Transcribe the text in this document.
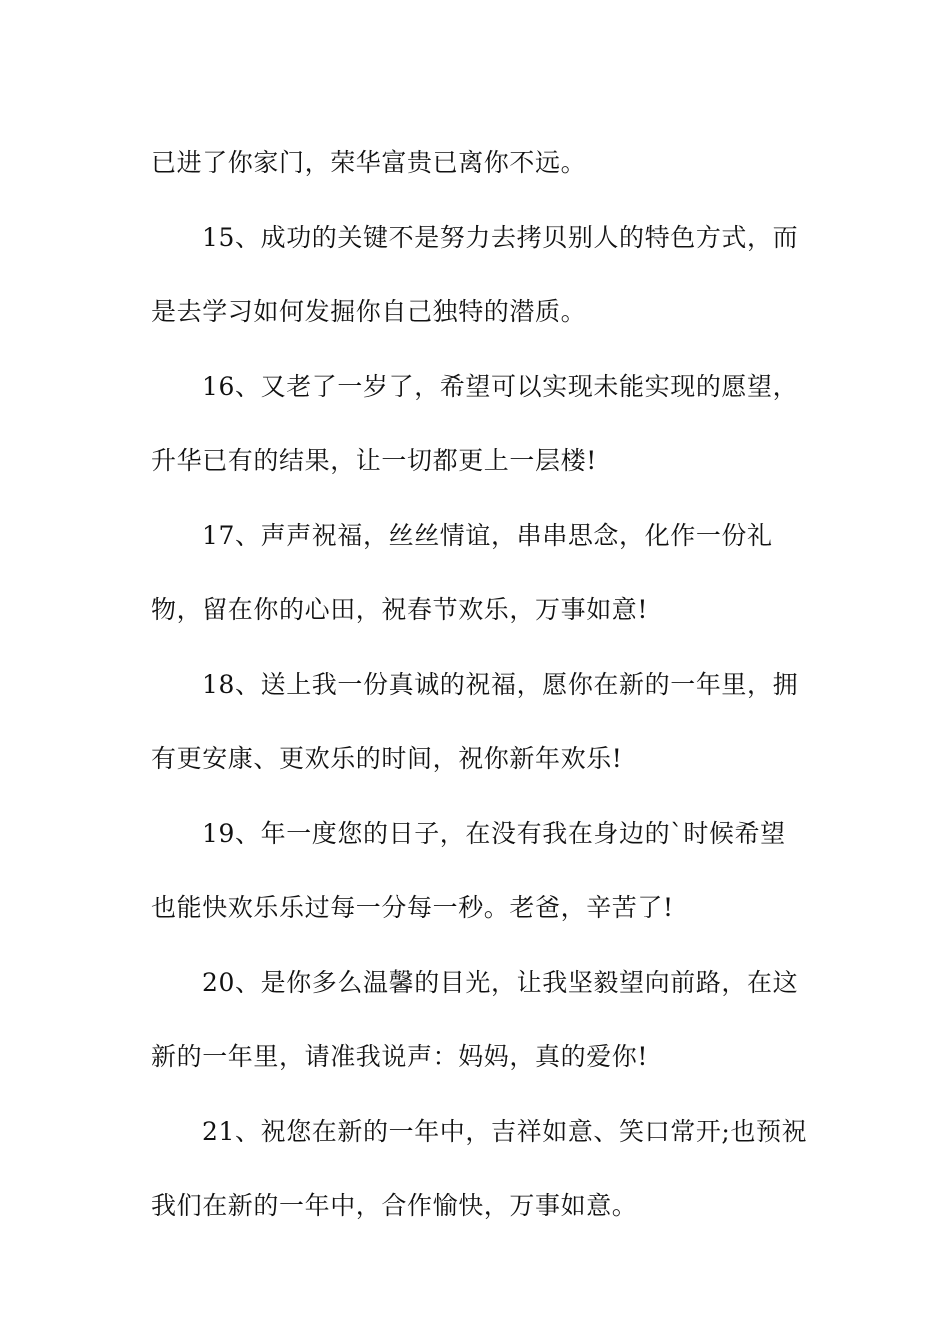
已进了你家门，荣华富贵已离你不远。

15、成功的关键不是努力去拷贝别人的特色方式，而是去学习如何发掘你自己独特的潜质。

16、又老了一岁了，希望可以实现未能实现的愿望，升华已有的结果，让一切都更上一层楼!

17、声声祝福，丝丝情谊，串串思念，化作一份礼物，留在你的心田，祝春节欢乐，万事如意!

18、送上我一份真诚的祝福，愿你在新的一年里，拥有更安康、更欢乐的时间，祝你新年欢乐!

19、年一度您的日子，在没有我在身边的`时候希望也能快欢乐乐过每一分每一秒。老爸，辛苦了!

20、是你多么温馨的目光，让我坚毅望向前路，在这新的一年里，请准我说声：妈妈，真的爱你!

21、祝您在新的一年中，吉祥如意、笑口常开;也预祝我们在新的一年中，合作愉快，万事如意。
